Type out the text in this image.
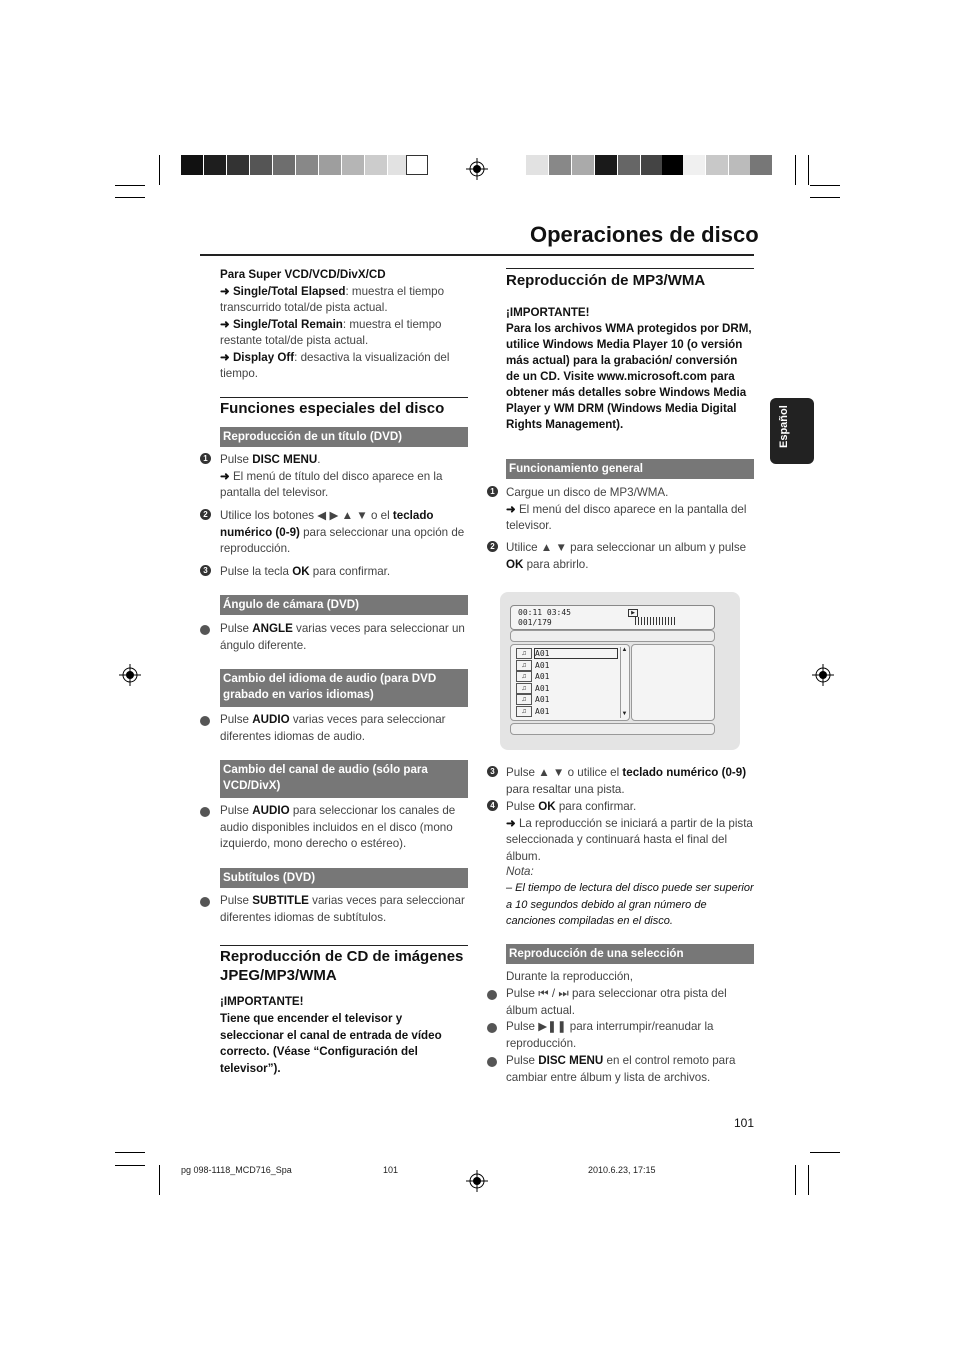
Operaciones de disco
Español
Para Super VCD/VCD/DivX/CD
➜ Single/Total Elapsed: muestra el tiempo transcurrido total/de pista actual.
➜ Single/Total Remain: muestra el tiempo restante total/de pista actual.
➜ Display Off: desactiva la visualización del tiempo.
Funciones especiales del disco
Reproducción de un título (DVD)
1 Pulse DISC MENU.
➜ El menú de título del disco aparece en la pantalla del televisor.
2 Utilice los botones ◀ ▶ ▲ ▼ o el teclado numérico (0-9) para seleccionar una opción de reproducción.
3 Pulse la tecla OK para confirmar.
Ángulo de cámara (DVD)
Pulse ANGLE varias veces para seleccionar un ángulo diferente.
Cambio del idioma de audio (para DVD grabado en varios idiomas)
Pulse AUDIO varias veces para seleccionar diferentes idiomas de audio.
Cambio del canal de audio (sólo para VCD/DivX)
Pulse AUDIO para seleccionar los canales de audio disponibles incluidos en el disco (mono izquierdo, mono derecho o estéreo).
Subtítulos (DVD)
Pulse SUBTITLE varias veces para seleccionar diferentes idiomas de subtítulos.
Reproducción de CD de imágenes JPEG/MP3/WMA
¡IMPORTANTE!
Tiene que encender el televisor y seleccionar el canal de entrada de vídeo correcto. (Véase “Configuración del televisor”).
Reproducción de MP3/WMA
¡IMPORTANTE!
Para los archivos WMA protegidos por DRM, utilice Windows Media Player 10 (o versión más actual) para la grabación/ conversión de un CD. Visite www.microsoft.com para obtener más detalles sobre Windows Media Player y WM DRM (Windows Media Digital Rights Management).
Funcionamiento general
1 Cargue un disco de MP3/WMA.
➜ El menú del disco aparece en la pantalla del televisor.
2 Utilice ▲ ▼ para seleccionar un album y pulse OK para abrirlo.
00:11 03:45
001/179
▶
♫	A01
♫	A01
♫	A01
♫	A01
♫	A01
♫	A01
▲
▼
3 Pulse ▲ ▼ o utilice el teclado numérico (0-9) para resaltar una pista.
4 Pulse OK para confirmar.
➜ La reproducción se iniciará a partir de la pista seleccionada y continuará hasta el final del álbum.
Nota:
– El tiempo de lectura del disco puede ser superior a 10 segundos debido al gran número de canciones compiladas en el disco.
Reproducción de una selección
Durante la reproducción,
Pulse ⏮ / ⏭ para seleccionar otra pista del álbum actual.
Pulse ▶❚❚ para interrumpir/reanudar la reproducción.
Pulse DISC MENU en el control remoto para cambiar entre álbum y lista de archivos.
101
pg 098-1118_MCD716_Spa	101	2010.6.23, 17:15
